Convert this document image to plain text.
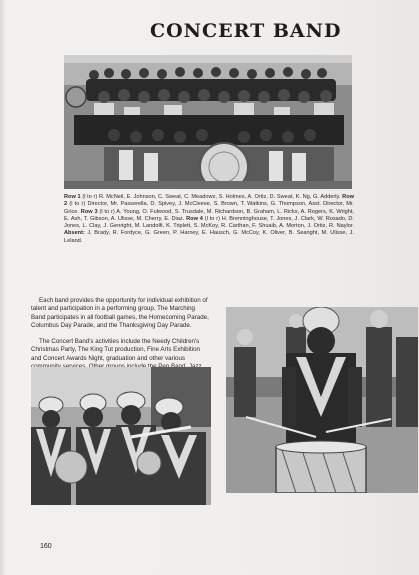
CONCERT BAND
Row 1 (l to r) R. McNeil, E. Johnson, C. Sweat, C. Meadows, S. Holmes, A. Ortiz, D. Sweat, K. Ng, G. Adderly. Row 2 (l to r) Director, Mr. Passerella, D. Spivey, J. McCleese, S. Brown, T. Watkins, G. Thompson, Asst. Director, Mr. Grice. Row 3 (l to r) A. Young, O. Fulwood, S. Trusdale, M. Richardson, B. Graham, L. Ricks, A. Rogers, K. Wright, E. Ash, T. Gibson, A. Ulisse, M. Cherry, E. Diaz. Row 4 (l to r) H. Brenninghouse, T. Jones, J. Clark, W. Rosado, D. Jones, L. Clay, J. Genright, M. Landolfi, K. Triplett, S. McKoy, R. Carthan, F. Shuaib, A. Morton, J. Ortiz, R. Naylor. Absent: J. Brady, R. Fordyce, G. Green, P. Harney, E. Hausch, G. McCoy, K. Oliver, B. Searight, M. Ulisse, J. Leland.

Each band provides the opportunity for individual exhibition of talent and participation in a performing group. The Marching Band participates in all football games, the Homecoming Parade, Columbus Day Parade, and the Thanksgiving Day Parade.

The Concert Band's activities include the Needy Children's Christmas Party, The King Tut production, Fine Arts Exhibition and Concert Awards Night, graduation and other various

160
